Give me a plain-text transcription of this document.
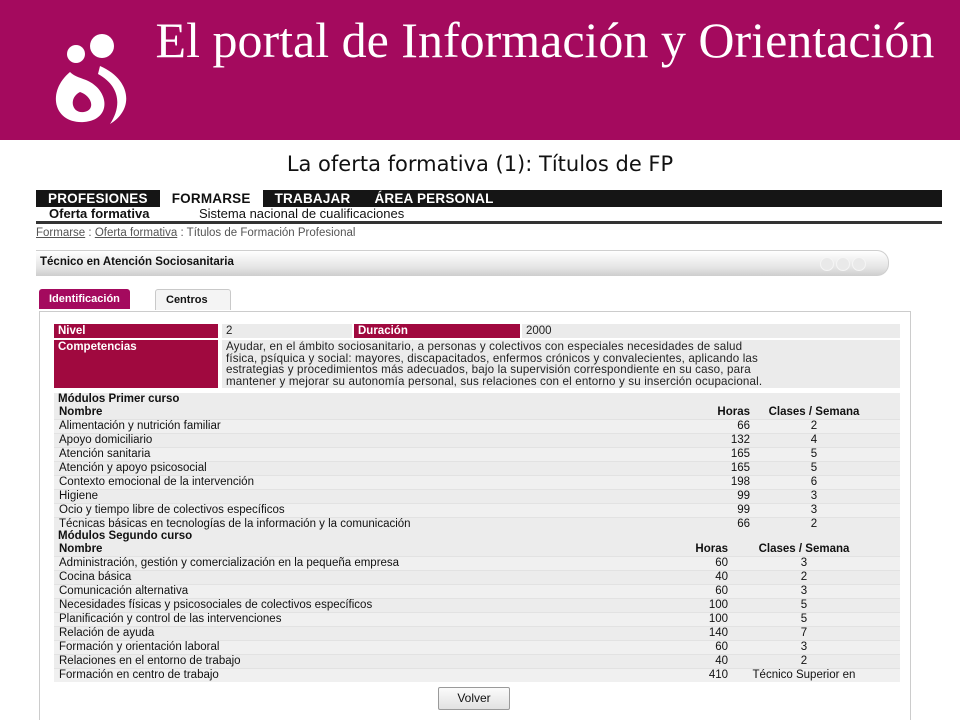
El portal de Información y Orientación
La oferta formativa (1): Títulos de FP
PROFESIONES	FORMARSE	TRABAJAR	ÁREA PERSONAL
Oferta formativa	Sistema nacional de cualificaciones
Formarse : Oferta formativa : Títulos de Formación Profesional
Técnico en Atención Sociosanitaria
Identificación	Centros
Nivel	2	Duración	2000
Competencias	Ayudar, en el ámbito sociosanitario, a personas y colectivos con especiales necesidades de salud
física, psíquica y social: mayores, discapacitados, enfermos crónicos y convalecientes, aplicando las
estrategias y procedimientos más adecuados, bajo la supervisión correspondiente en su caso, para
mantener y mejorar su autonomía personal, sus relaciones con el entorno y su inserción ocupacional.
Módulos Primer curso
Nombre	Horas	Clases / Semana
Alimentación y nutrición familiar	66	2
Apoyo domiciliario	132	4
Atención sanitaria	165	5
Atención y apoyo psicosocial	165	5
Contexto emocional de la intervención	198	6
Higiene	99	3
Ocio y tiempo libre de colectivos específicos	99	3
Técnicas básicas en tecnologías de la información y la comunicación	66	2
Módulos Segundo curso
Nombre	Horas	Clases / Semana
Administración, gestión y comercialización en la pequeña empresa	60	3
Cocina básica	40	2
Comunicación alternativa	60	3
Necesidades físicas y psicosociales de colectivos específicos	100	5
Planificación y control de las intervenciones	100	5
Relación de ayuda	140	7
Formación y orientación laboral	60	3
Relaciones en el entorno de trabajo	40	2
Formación en centro de trabajo	410	Técnico Superior en
Volver
